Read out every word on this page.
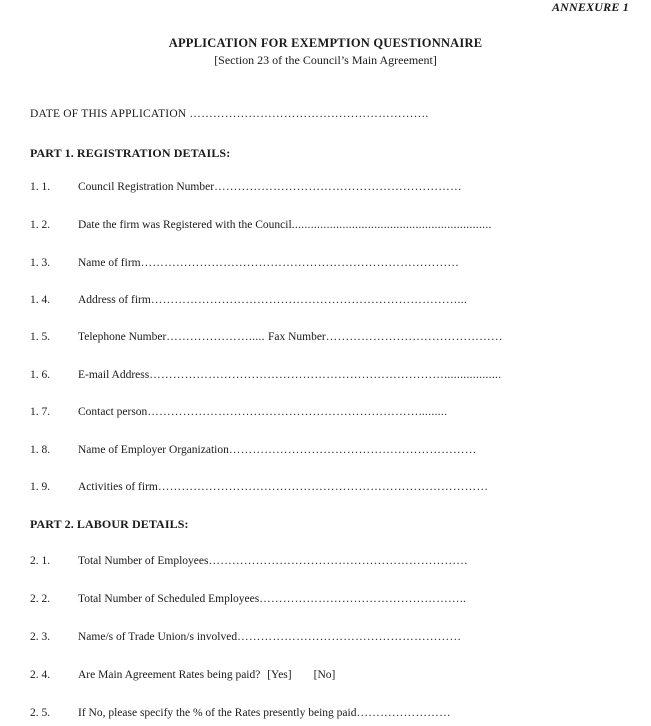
ANNEXURE 1
APPLICATION FOR EXEMPTION QUESTIONNAIRE
[Section 23 of the Council’s Main Agreement]
DATE OF THIS APPLICATION …………………………………………………….
PART 1. REGISTRATION DETAILS:
1. 1. Council Registration Number………………………………………………………
1. 2. Date the firm was Registered with the Council...............................................................
1. 3. Name of firm………………………………………………………………………
1. 4. Address of firm……………………………………………………………………...
1. 5. Telephone Number…………………..... Fax Number………………………………………
1. 6. E-mail Address…………………………………………………………………..................
1. 7. Contact person…………………………………………………………….........
1. 8. Name of Employer Organization………………………………………………………
1. 9. Activities of firm…………………………………………………………………………
PART 2. LABOUR DETAILS:
2. 1. Total Number of Employees…………………………………………………………
2. 2. Total Number of Scheduled Employees……………………………………………..
2. 3. Name/s of Trade Union/s involved…………………………………………………
2. 4. Are Main Agreement Rates being paid? [Yes] [No]
2. 5. If No, please specify the % of the Rates presently being paid……………………
